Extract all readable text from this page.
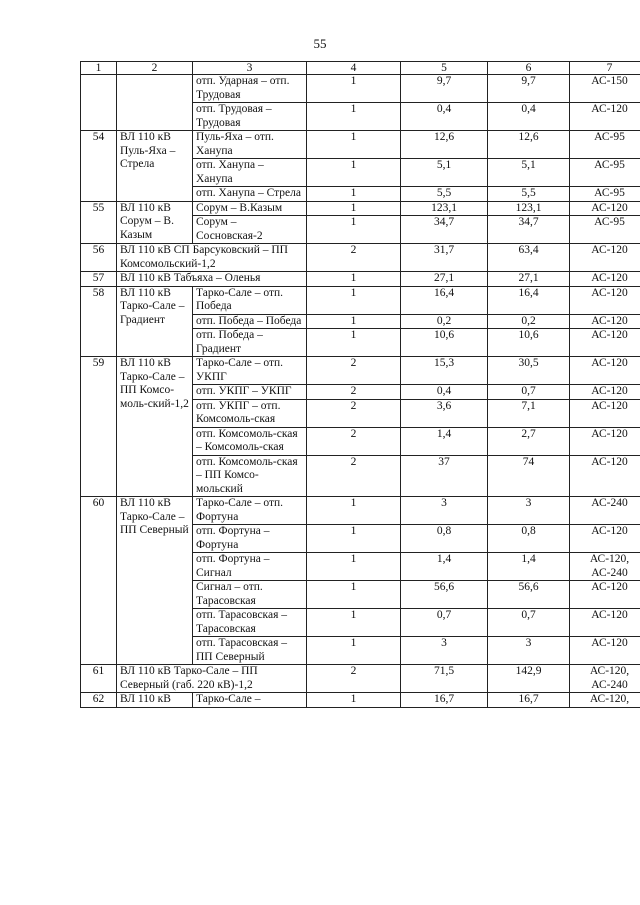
55
1	2	3	4	5	6	7
		отп. Ударная – отп. Трудовая	1	9,7	9,7	АС-150
		отп. Трудовая – Трудовая	1	0,4	0,4	АС-120
54	ВЛ 110 кВ Пуль-Яха – Стрела	Пуль-Яха – отп. Ханупа	1	12,6	12,6	АС-95
		отп. Ханупа – Ханупа	1	5,1	5,1	АС-95
		отп. Ханупа – Стрела	1	5,5	5,5	АС-95
55	ВЛ 110 кВ Сорум – В. Казым	Сорум – В.Казым	1	123,1	123,1	АС-120
		Сорум – Сосновская-2	1	34,7	34,7	АС-95
56	ВЛ 110 кВ СП Барсуковский – ПП Комсомольский-1,2		2	31,7	63,4	АС-120
57	ВЛ 110 кВ Табъяха – Оленья		1	27,1	27,1	АС-120
58	ВЛ 110 кВ Тарко-Сале – Градиент	Тарко-Сале – отп. Победа	1	16,4	16,4	АС-120
		отп. Победа – Победа	1	0,2	0,2	АС-120
		отп. Победа – Градиент	1	10,6	10,6	АС-120
59	ВЛ 110 кВ Тарко-Сале – ПП Комсо-моль-ский-1,2	Тарко-Сале – отп. УКПГ	2	15,3	30,5	АС-120
		отп. УКПГ – УКПГ	2	0,4	0,7	АС-120
		отп. УКПГ – отп. Комсомоль-ская	2	3,6	7,1	АС-120
		отп. Комсомоль-ская – Комсомоль-ская	2	1,4	2,7	АС-120
		отп. Комсомоль-ская – ПП Комсо-мольский	2	37	74	АС-120
60	ВЛ 110 кВ Тарко-Сале – ПП Северный	Тарко-Сале – отп. Фортуна	1	3	3	АС-240
		отп. Фортуна – Фортуна	1	0,8	0,8	АС-120
		отп. Фортуна – Сигнал	1	1,4	1,4	АС-120, АС-240
		Сигнал – отп. Тарасовская	1	56,6	56,6	АС-120
		отп. Тарасовская – Тарасовская	1	0,7	0,7	АС-120
		отп. Тарасовская – ПП Северный	1	3	3	АС-120
61	ВЛ 110 кВ Тарко-Сале – ПП Северный (габ. 220 кВ)-1,2		2	71,5	142,9	АС-120, АС-240
62	ВЛ 110 кВ	Тарко-Сале –	1	16,7	16,7	АС-120,
